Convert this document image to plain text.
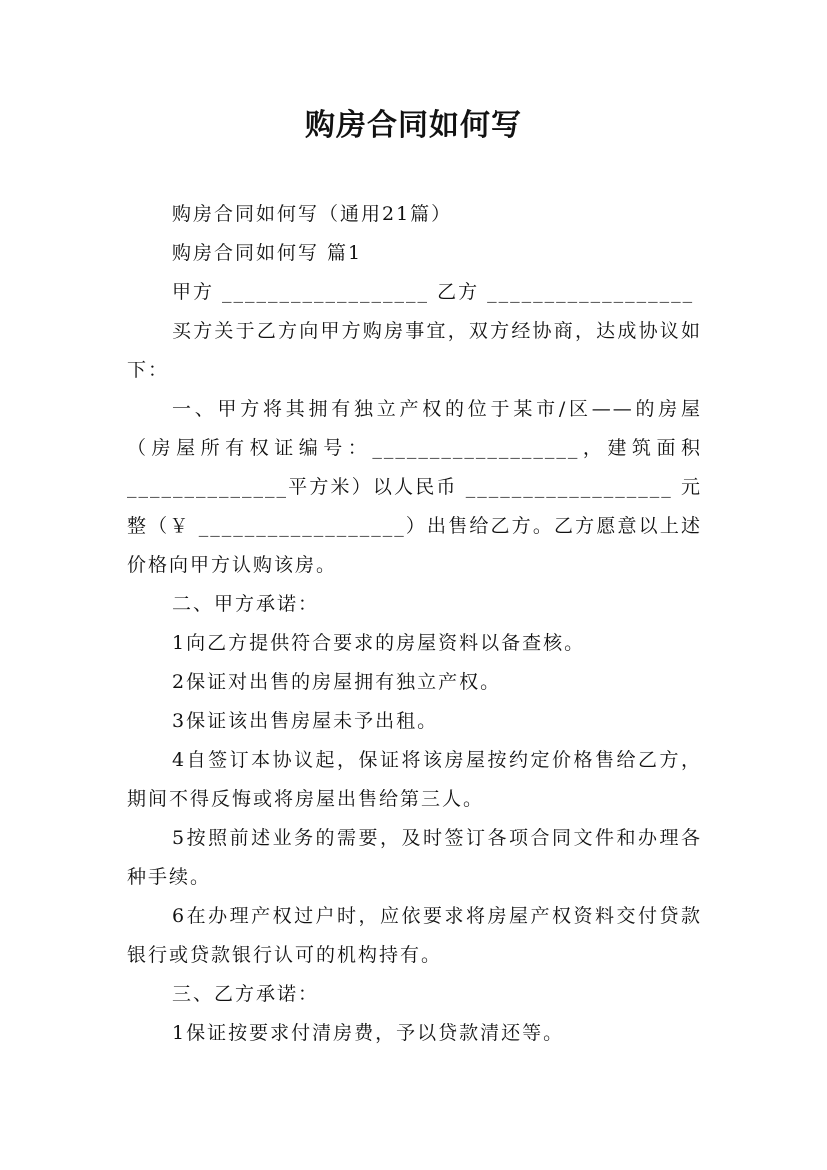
购房合同如何写

购房合同如何写（通用21篇）

购房合同如何写 篇1

甲方 __________________ 乙方 __________________

买方关于乙方向甲方购房事宜，双方经协商，达成协议如下：

一、甲方将其拥有独立产权的位于某市/区——的房屋（房屋所有权证编号：__________________，建筑面积______________平方米）以人民币 __________________ 元整（￥ __________________）出售给乙方。乙方愿意以上述价格向甲方认购该房。

二、甲方承诺：

1向乙方提供符合要求的房屋资料以备查核。

2保证对出售的房屋拥有独立产权。

3保证该出售房屋未予出租。

4自签订本协议起，保证将该房屋按约定价格售给乙方，期间不得反悔或将房屋出售给第三人。

5按照前述业务的需要，及时签订各项合同文件和办理各种手续。

6在办理产权过户时，应依要求将房屋产权资料交付贷款银行或贷款银行认可的机构持有。

三、乙方承诺：

1保证按要求付清房费，予以贷款清还等。
